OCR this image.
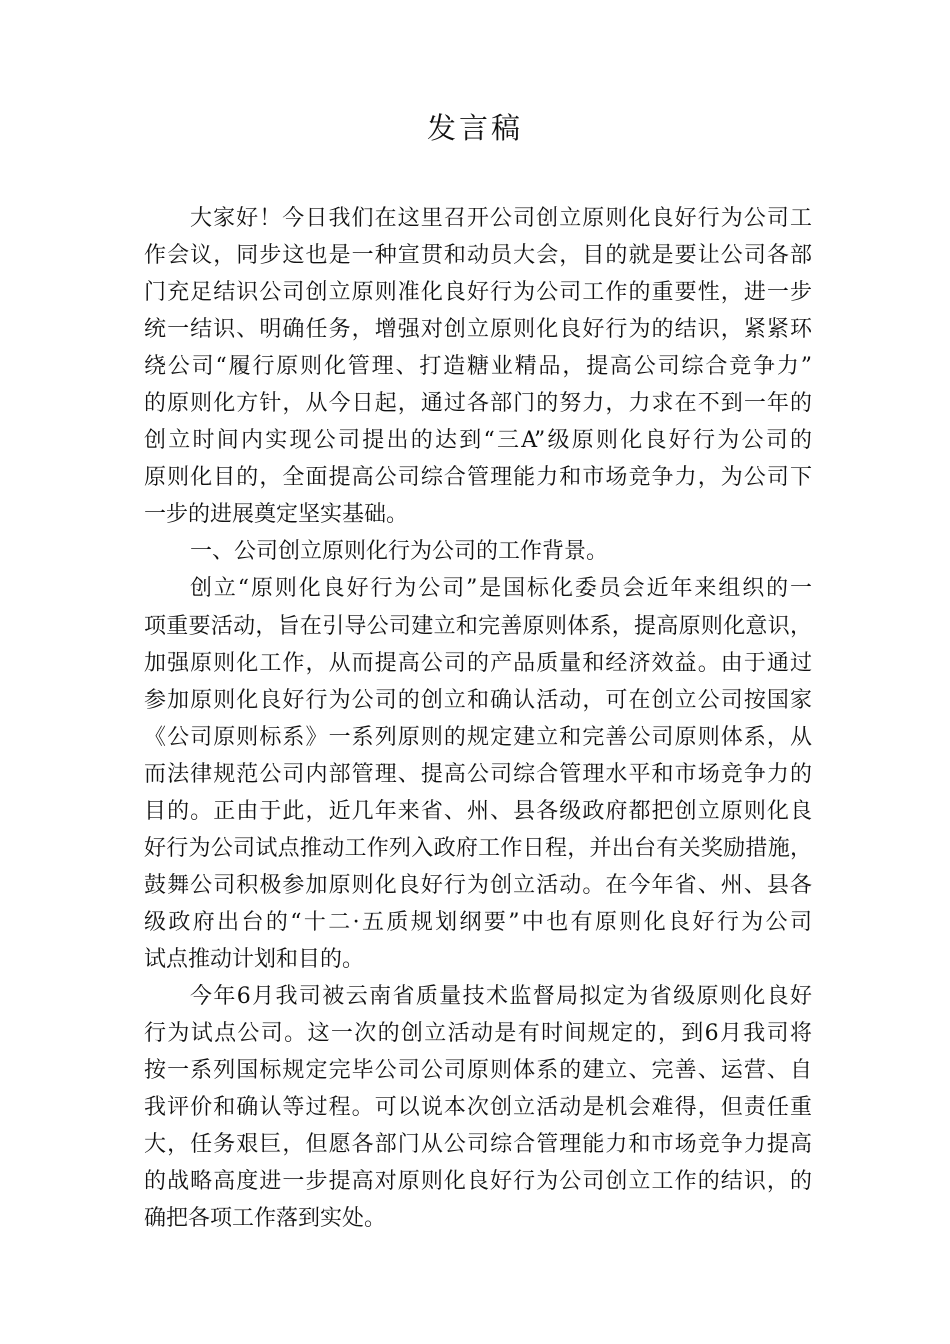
发言稿
大家好！今日我们在这里召开公司创立原则化良好行为公司工
作会议，同步这也是一种宣贯和动员大会，目的就是要让公司各部
门充足结识公司创立原则准化良好行为公司工作的重要性，进一步
统一结识、明确任务，增强对创立原则化良好行为的结识，紧紧环
绕公司“履行原则化管理、打造糖业精品，提高公司综合竞争力”
的原则化方针，从今日起，通过各部门的努力，力求在不到一年的
创立时间内实现公司提出的达到“三A”级原则化良好行为公司的
原则化目的，全面提高公司综合管理能力和市场竞争力，为公司下
一步的进展奠定坚实基础。
一、公司创立原则化行为公司的工作背景。
创立“原则化良好行为公司”是国标化委员会近年来组织的一
项重要活动，旨在引导公司建立和完善原则体系，提高原则化意识，
加强原则化工作，从而提高公司的产品质量和经济效益。由于通过
参加原则化良好行为公司的创立和确认活动，可在创立公司按国家
《公司原则标系》一系列原则的规定建立和完善公司原则体系，从
而法律规范公司内部管理、提高公司综合管理水平和市场竞争力的
目的。正由于此，近几年来省、州、县各级政府都把创立原则化良
好行为公司试点推动工作列入政府工作日程，并出台有关奖励措施，
鼓舞公司积极参加原则化良好行为创立活动。在今年省、州、县各
级政府出台的“十二·五质规划纲要”中也有原则化良好行为公司
试点推动计划和目的。
今年6月我司被云南省质量技术监督局拟定为省级原则化良好
行为试点公司。这一次的创立活动是有时间规定的，到6月我司将
按一系列国标规定完毕公司公司原则体系的建立、完善、运营、自
我评价和确认等过程。可以说本次创立活动是机会难得，但责任重
大，任务艰巨，但愿各部门从公司综合管理能力和市场竞争力提高
的战略高度进一步提高对原则化良好行为公司创立工作的结识，的
确把各项工作落到实处。
